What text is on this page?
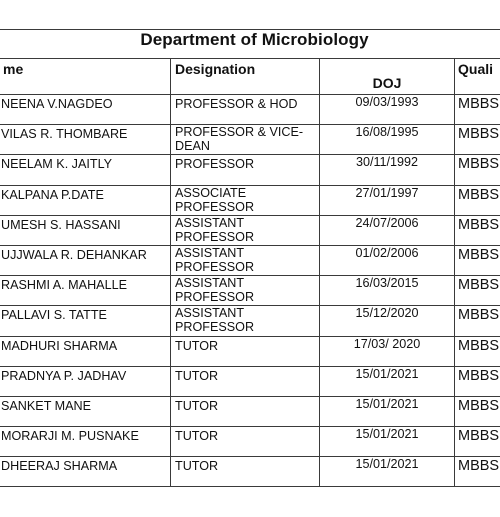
Department of Microbiology			

me	Designation	DOJ	Quali

NEENA V.NAGDEO	PROFESSOR & HOD	09/03/1993	MBBS

VILAS R. THOMBARE	PROFESSOR & VICE-DEAN	16/08/1995	MBBS

NEELAM K. JAITLY	PROFESSOR	30/11/1992	MBBS

KALPANA P.DATE	ASSOCIATE PROFESSOR	27/01/1997	MBBS

UMESH S. HASSANI	ASSISTANT PROFESSOR	24/07/2006	MBBS

UJJWALA R. DEHANKAR	ASSISTANT PROFESSOR	01/02/2006	MBBS

RASHMI A. MAHALLE	ASSISTANT PROFESSOR	16/03/2015	MBBS

PALLAVI S. TATTE	ASSISTANT PROFESSOR	15/12/2020	MBBS

MADHURI SHARMA	TUTOR	17/03/ 2020	MBBS

PRADNYA P. JADHAV	TUTOR	15/01/2021	MBBS

SANKET MANE	TUTOR	15/01/2021	MBBS

MORARJI M. PUSNAKE	TUTOR	15/01/2021	MBBS

DHEERAJ SHARMA	TUTOR	15/01/2021	MBBS
